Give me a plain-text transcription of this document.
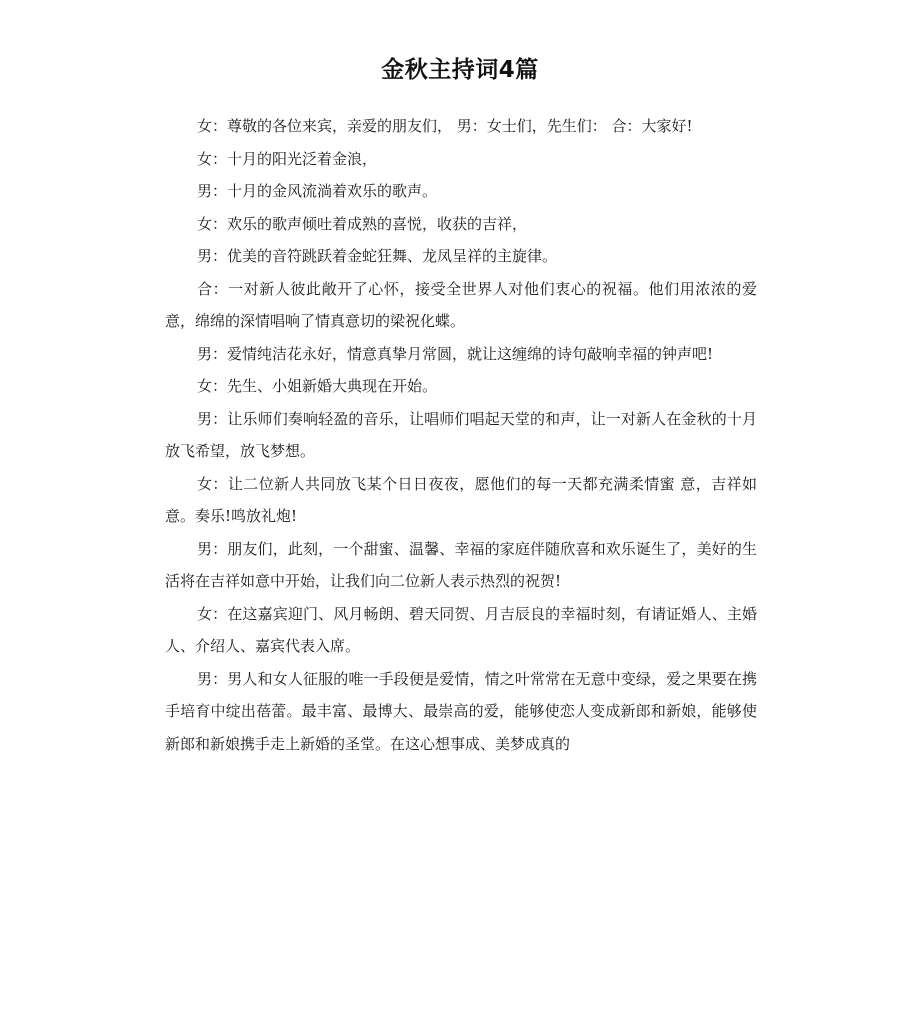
金秋主持词4篇

女：尊敬的各位来宾，亲爱的朋友们， 男：女士们，先生们： 合：大家好!

女：十月的阳光泛着金浪，

男：十月的金风流淌着欢乐的歌声。

女：欢乐的歌声倾吐着成熟的喜悦，收获的吉祥，

男：优美的音符跳跃着金蛇狂舞、龙凤呈祥的主旋律。

合：一对新人彼此敞开了心怀，接受全世界人对他们衷心的祝福。他们用浓浓的爱意，绵绵的深情唱响了情真意切的梁祝化蝶。

男：爱情纯洁花永好，情意真挚月常圆，就让这缠绵的诗句敲响幸福的钟声吧!

女：先生、小姐新婚大典现在开始。

男：让乐师们奏响轻盈的音乐，让唱师们唱起天堂的和声，让一对新人在金秋的十月放飞希望，放飞梦想。

女：让二位新人共同放飞某个日日夜夜，愿他们的每一天都充满柔情蜜 意，吉祥如意。奏乐!鸣放礼炮!

男：朋友们，此刻，一个甜蜜、温馨、幸福的家庭伴随欣喜和欢乐诞生了，美好的生活将在吉祥如意中开始，让我们向二位新人表示热烈的祝贺!

女：在这嘉宾迎门、风月畅朗、碧天同贺、月吉辰良的幸福时刻，有请证婚人、主婚人、介绍人、嘉宾代表入席。

男：男人和女人征服的唯一手段便是爱情，情之叶常常在无意中变绿，爱之果要在携手培育中绽出蓓蕾。最丰富、最博大、最崇高的爱，能够使恋人变成新郎和新娘，能够使新郎和新娘携手走上新婚的圣堂。在这心想事成、美梦成真的
